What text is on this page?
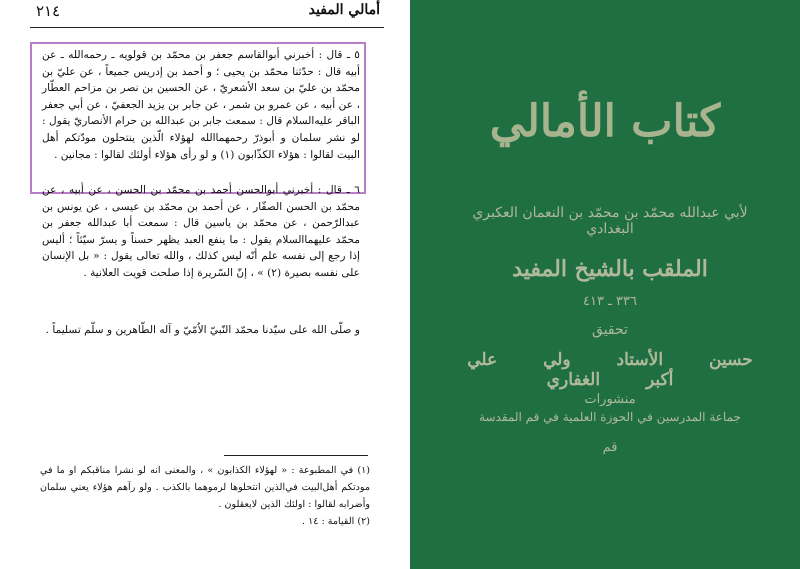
٢١٤	أمالي المفيد

٥ ـ قال : أخبرني أبوالقاسم جعفر بن محمّد بن قولويه ـ رحمه‌الله ـ عن أبيه قال : حدّثنا محمّد بن يحيى ؛ و أحمد بن إدريس جميعاً ، عن عليّ بن محمّد بن عليّ بن سعد الأشعريّ ، عن الحسين بن نصر بن مزاحم العطّار ، عن أبيه ، عن عمرو بن شمر ، عن جابر بن يزيد الجعفيّ ، عن أبي جعفر الباقر عليه‌السلام قال : سمعت جابر بن عبدالله بن حرام الأنصاريّ يقول : لو نشر سلمان و أبوذرّ رحمهماالله لهؤلاء الّذين ينتحلون مودّتكم أهل البيت لقالوا : هؤلاء الكذّابون (١) و لو رأى هؤلاء أولئك لقالوا : مجانين .

٦ ـ قال : أخبرني أبوالحسن أحمد بن محمّد بن الحسن ، عن أبيه ، عن محمّد بن الحسن الصفّار ، عن أحمد بن محمّد بن عيسى ، عن يونس بن عبدالرّحمن ، عن محمّد بن ياسين قال : سمعت أبا عبدالله جعفر بن محمّد عليهما‌السلام يقول : ما ينفع العبد يظهر حسناً و يسرّ سيّئاً ؛ أليس إذا رجع إلى نفسه علم أنّه ليس كذلك ، والله تعالى يقول : « بل الإنسان على نفسه بصيرة (٢) » ، إنّ السّريرة إذا صلحت قويت العلانية .

و صلّى الله على سيّدنا محمّد النّبيّ الاُمّيّ و آله الطّاهرين و سلّم تسليماً .

(١) في المطبوعة : « لهؤلاء الكذابون » ، والمعنى انه لو نشرا مناقبكم او ما في مودتكم أهل‌البيت في‌الذين انتحلوها لرموهما بالكذب . ولو رآهم هؤلاء يعني سلمان وأضرابه لقالوا : اولئك الذين لايعقلون .

(٢) القيامة : ١٤ .

كتاب الأمالي
لأبي عبدالله محمّد بن محمّد بن النعمان العكبري البغدادي
الملقب بالشيخ المفيد
٣٣٦ ـ ٤١٣
تحقيق
حسين الأستاد ولي علي أكبر الغفاري
منشورات
جماعة المدرسين في الحوزة العلمية في قم المقدسة
قم
